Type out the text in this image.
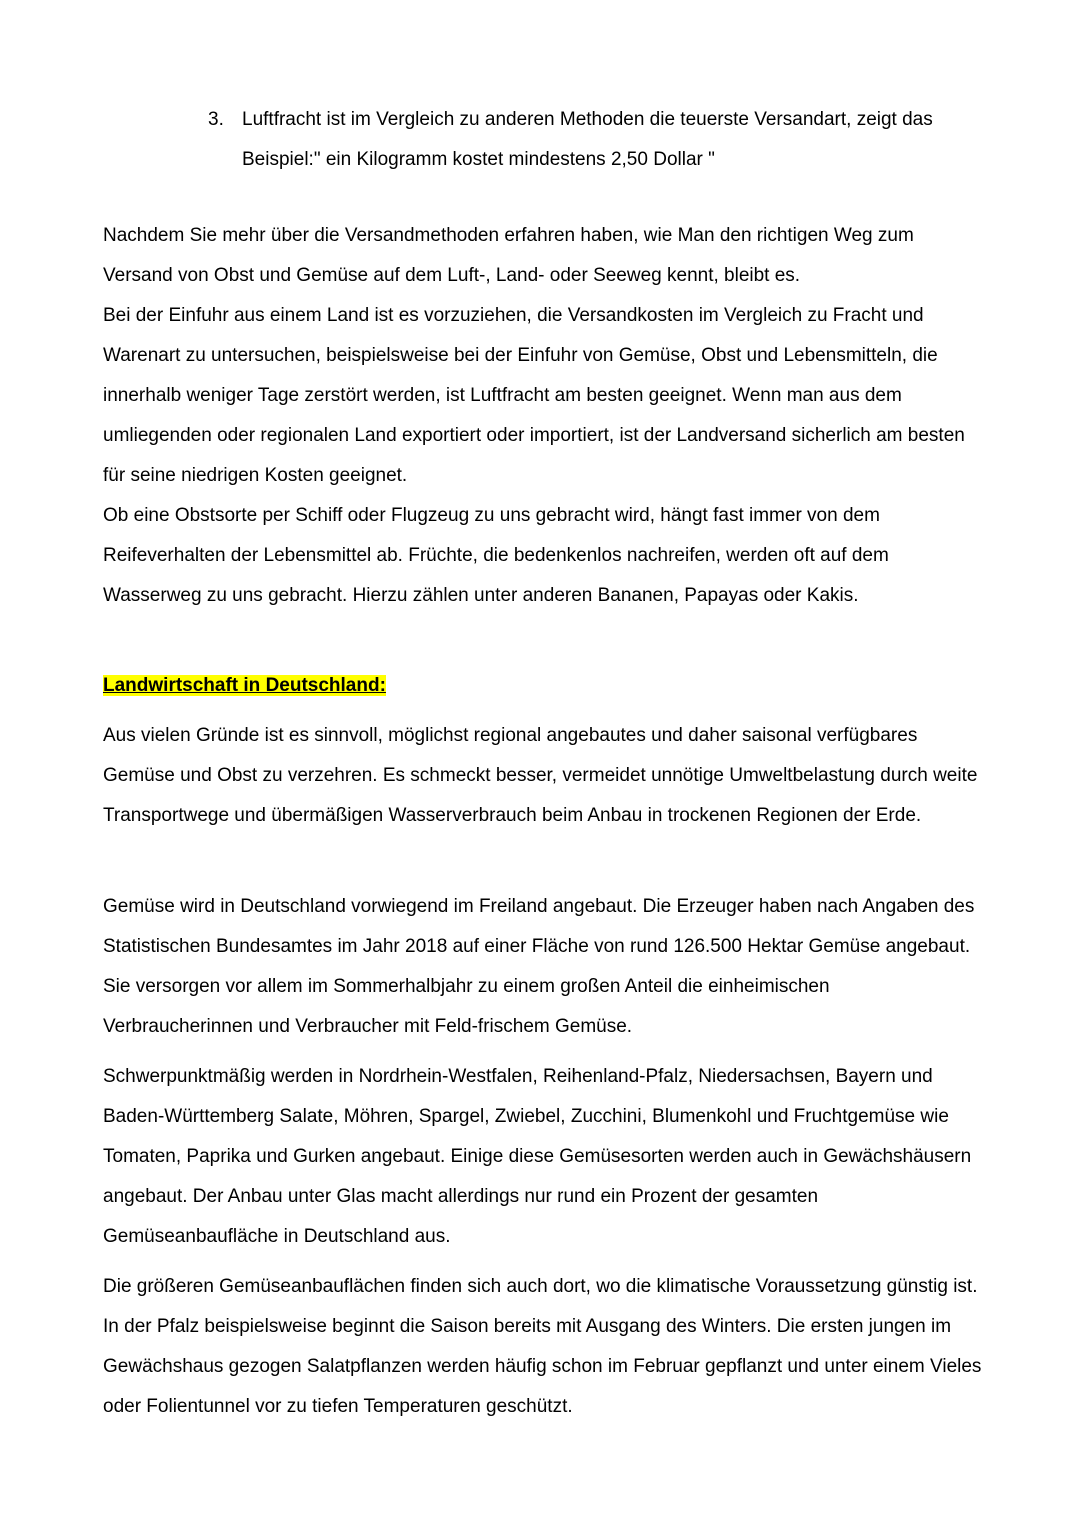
3. Luftfracht ist im Vergleich zu anderen Methoden die teuerste Versandart, zeigt das Beispiel:" ein Kilogramm kostet mindestens 2,50 Dollar "

Nachdem Sie mehr über die Versandmethoden erfahren haben, wie Man den richtigen Weg zum Versand von Obst und Gemüse auf dem Luft-, Land- oder Seeweg kennt, bleibt es.

Bei der Einfuhr aus einem Land ist es vorzuziehen, die Versandkosten im Vergleich zu Fracht und Warenart zu untersuchen, beispielsweise bei der Einfuhr von Gemüse, Obst und Lebensmitteln, die innerhalb weniger Tage zerstört werden, ist Luftfracht am besten geeignet. Wenn man aus dem umliegenden oder regionalen Land exportiert oder importiert, ist der Landversand sicherlich am besten für seine niedrigen Kosten geeignet.

Ob eine Obstsorte per Schiff oder Flugzeug zu uns gebracht wird, hängt fast immer von dem Reifeverhalten der Lebensmittel ab. Früchte, die bedenkenlos nachreifen, werden oft auf dem Wasserweg zu uns gebracht. Hierzu zählen unter anderen Bananen, Papayas oder Kakis.

Landwirtschaft in Deutschland:

Aus vielen Gründe ist es sinnvoll, möglichst regional angebautes und daher saisonal verfügbares Gemüse und Obst zu verzehren. Es schmeckt besser, vermeidet unnötige Umweltbelastung durch weite Transportwege und übermäßigen Wasserverbrauch beim Anbau in trockenen Regionen der Erde.

Gemüse wird in Deutschland vorwiegend im Freiland angebaut. Die Erzeuger haben nach Angaben des Statistischen Bundesamtes im Jahr 2018 auf einer Fläche von rund 126.500 Hektar Gemüse angebaut. Sie versorgen vor allem im Sommerhalbjahr zu einem großen Anteil die einheimischen Verbraucherinnen und Verbraucher mit Feld-frischem Gemüse.

Schwerpunktmäßig werden in Nordrhein-Westfalen, Reihenland-Pfalz, Niedersachsen, Bayern und Baden-Württemberg Salate, Möhren, Spargel, Zwiebel, Zucchini, Blumenkohl und Fruchtgemüse wie Tomaten, Paprika und Gurken angebaut. Einige diese Gemüsesorten werden auch in Gewächshäusern angebaut. Der Anbau unter Glas macht allerdings nur rund ein Prozent der gesamten Gemüseanbaufläche in Deutschland aus.

Die größeren Gemüseanbauflächen finden sich auch dort, wo die klimatische Voraussetzung günstig ist. In der Pfalz beispielsweise beginnt die Saison bereits mit Ausgang des Winters. Die ersten jungen im Gewächshaus gezogen Salatpflanzen werden häufig schon im Februar gepflanzt und unter einem Vieles oder Folientunnel vor zu tiefen Temperaturen geschützt.
